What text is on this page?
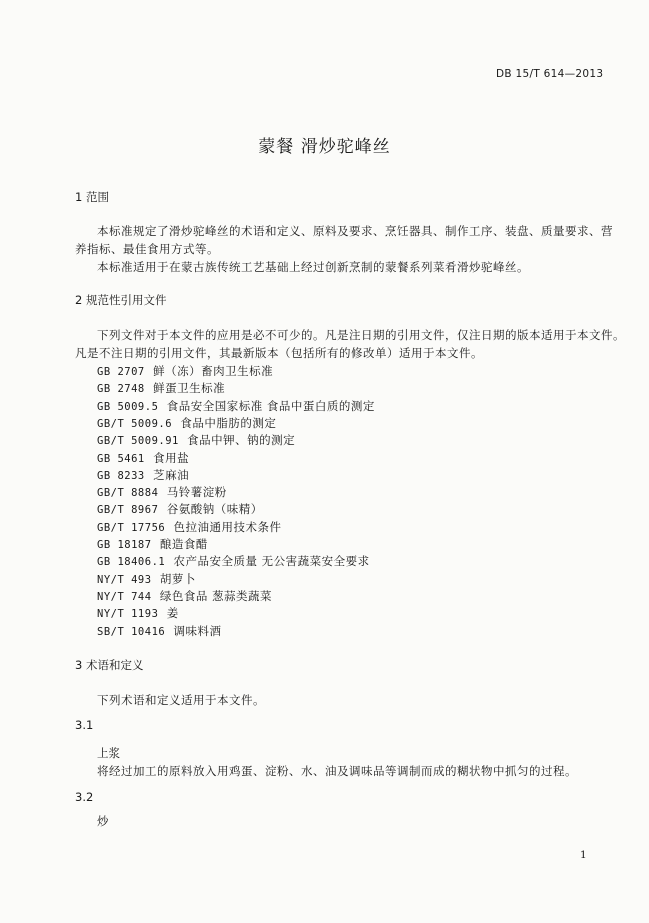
DB 15/T 614—2013
蒙餐 滑炒驼峰丝
1 范围
本标准规定了滑炒驼峰丝的术语和定义、原料及要求、烹饪器具、制作工序、装盘、质量要求、营
养指标、最佳食用方式等。
本标准适用于在蒙古族传统工艺基础上经过创新烹制的蒙餐系列菜肴滑炒驼峰丝。
2 规范性引用文件
下列文件对于本文件的应用是必不可少的。凡是注日期的引用文件，仅注日期的版本适用于本文件。
凡是不注日期的引用文件，其最新版本（包括所有的修改单）适用于本文件。
GB 2707 鲜（冻）畜肉卫生标准
GB 2748 鲜蛋卫生标准
GB 5009.5 食品安全国家标准 食品中蛋白质的测定
GB/T 5009.6 食品中脂肪的测定
GB/T 5009.91 食品中钾、钠的测定
GB 5461 食用盐
GB 8233 芝麻油
GB/T 8884 马铃薯淀粉
GB/T 8967 谷氨酸钠（味精）
GB/T 17756 色拉油通用技术条件
GB 18187 酿造食醋
GB 18406.1 农产品安全质量 无公害蔬菜安全要求
NY/T 493 胡萝卜
NY/T 744 绿色食品 葱蒜类蔬菜
NY/T 1193 姜
SB/T 10416 调味料酒
3 术语和定义
下列术语和定义适用于本文件。
3.1
上浆
将经过加工的原料放入用鸡蛋、淀粉、水、油及调味品等调制而成的糊状物中抓匀的过程。
3.2
炒
1
